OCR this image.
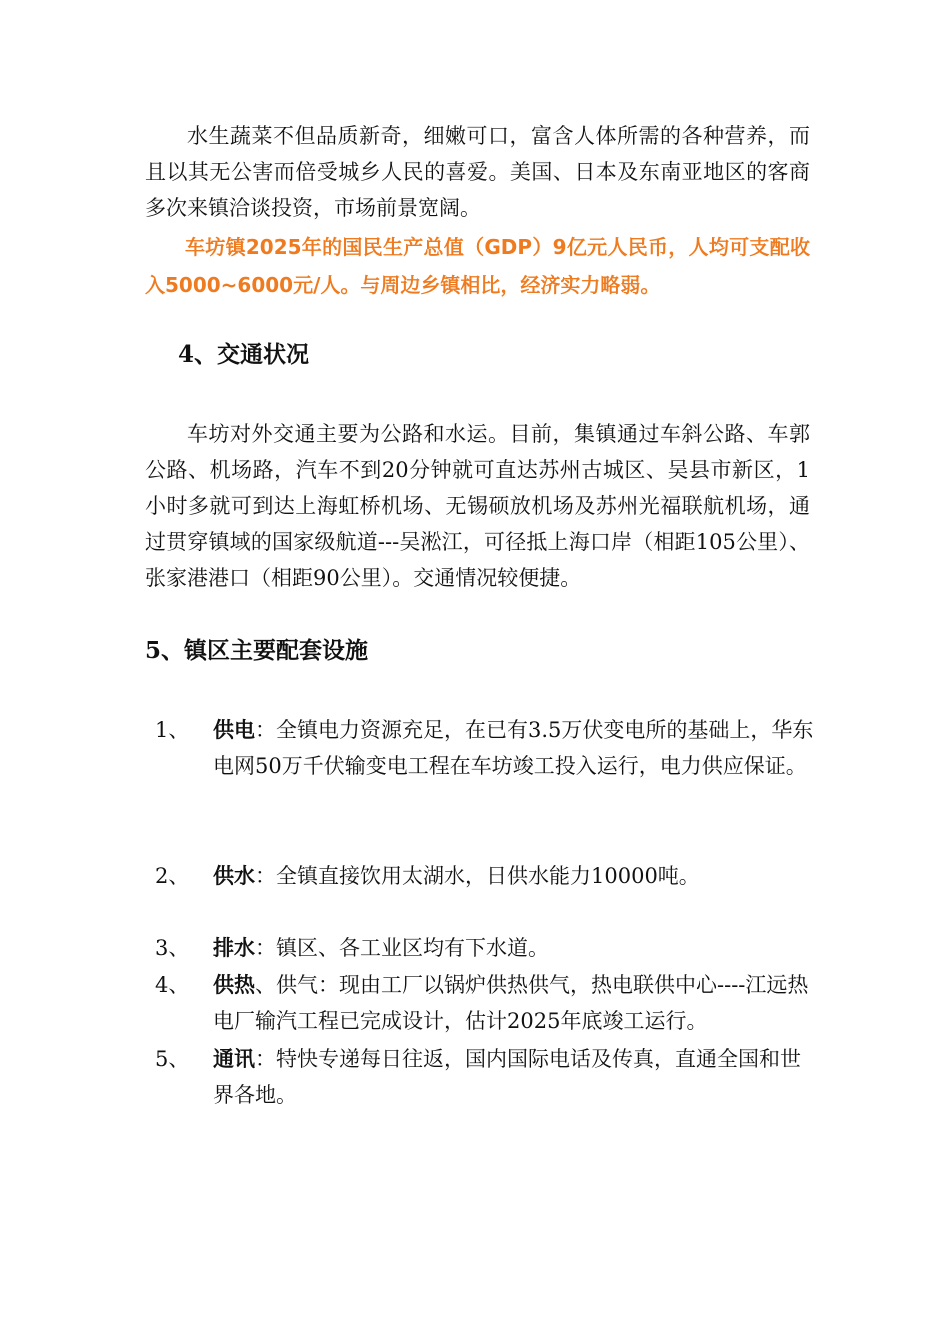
水生蔬菜不但品质新奇，细嫩可口，富含人体所需的各种营养，而且以其无公害而倍受城乡人民的喜爱。美国、日本及东南亚地区的客商多次来镇洽谈投资，市场前景宽阔。

车坊镇2025年的国民生产总值（GDP）9亿元人民币，人均可支配收入5000~6000元/人。与周边乡镇相比，经济实力略弱。

4、交通状况

车坊对外交通主要为公路和水运。目前，集镇通过车斜公路、车郭公路、机场路，汽车不到20分钟就可直达苏州古城区、吴县市新区，1 小时多就可到达上海虹桥机场、无锡硕放机场及苏州光福联航机场，通过贯穿镇域的国家级航道---吴淞江，可径抵上海口岸（相距105公里）、张家港港口（相距90公里）。交通情况较便捷。

5、镇区主要配套设施
1、	供电：全镇电力资源充足，在已有3.5万伏变电所的基础上，华东电网50万千伏输变电工程在车坊竣工投入运行，电力供应保证。
2、	供水：全镇直接饮用太湖水，日供水能力10000吨。
3、	排水：镇区、各工业区均有下水道。
4、	供热、供气：现由工厂以锅炉供热供气，热电联供中心----江远热电厂输汽工程已完成设计，估计2025年底竣工运行。
5、	通讯：特快专递每日往返，国内国际电话及传真，直通全国和世界各地。
